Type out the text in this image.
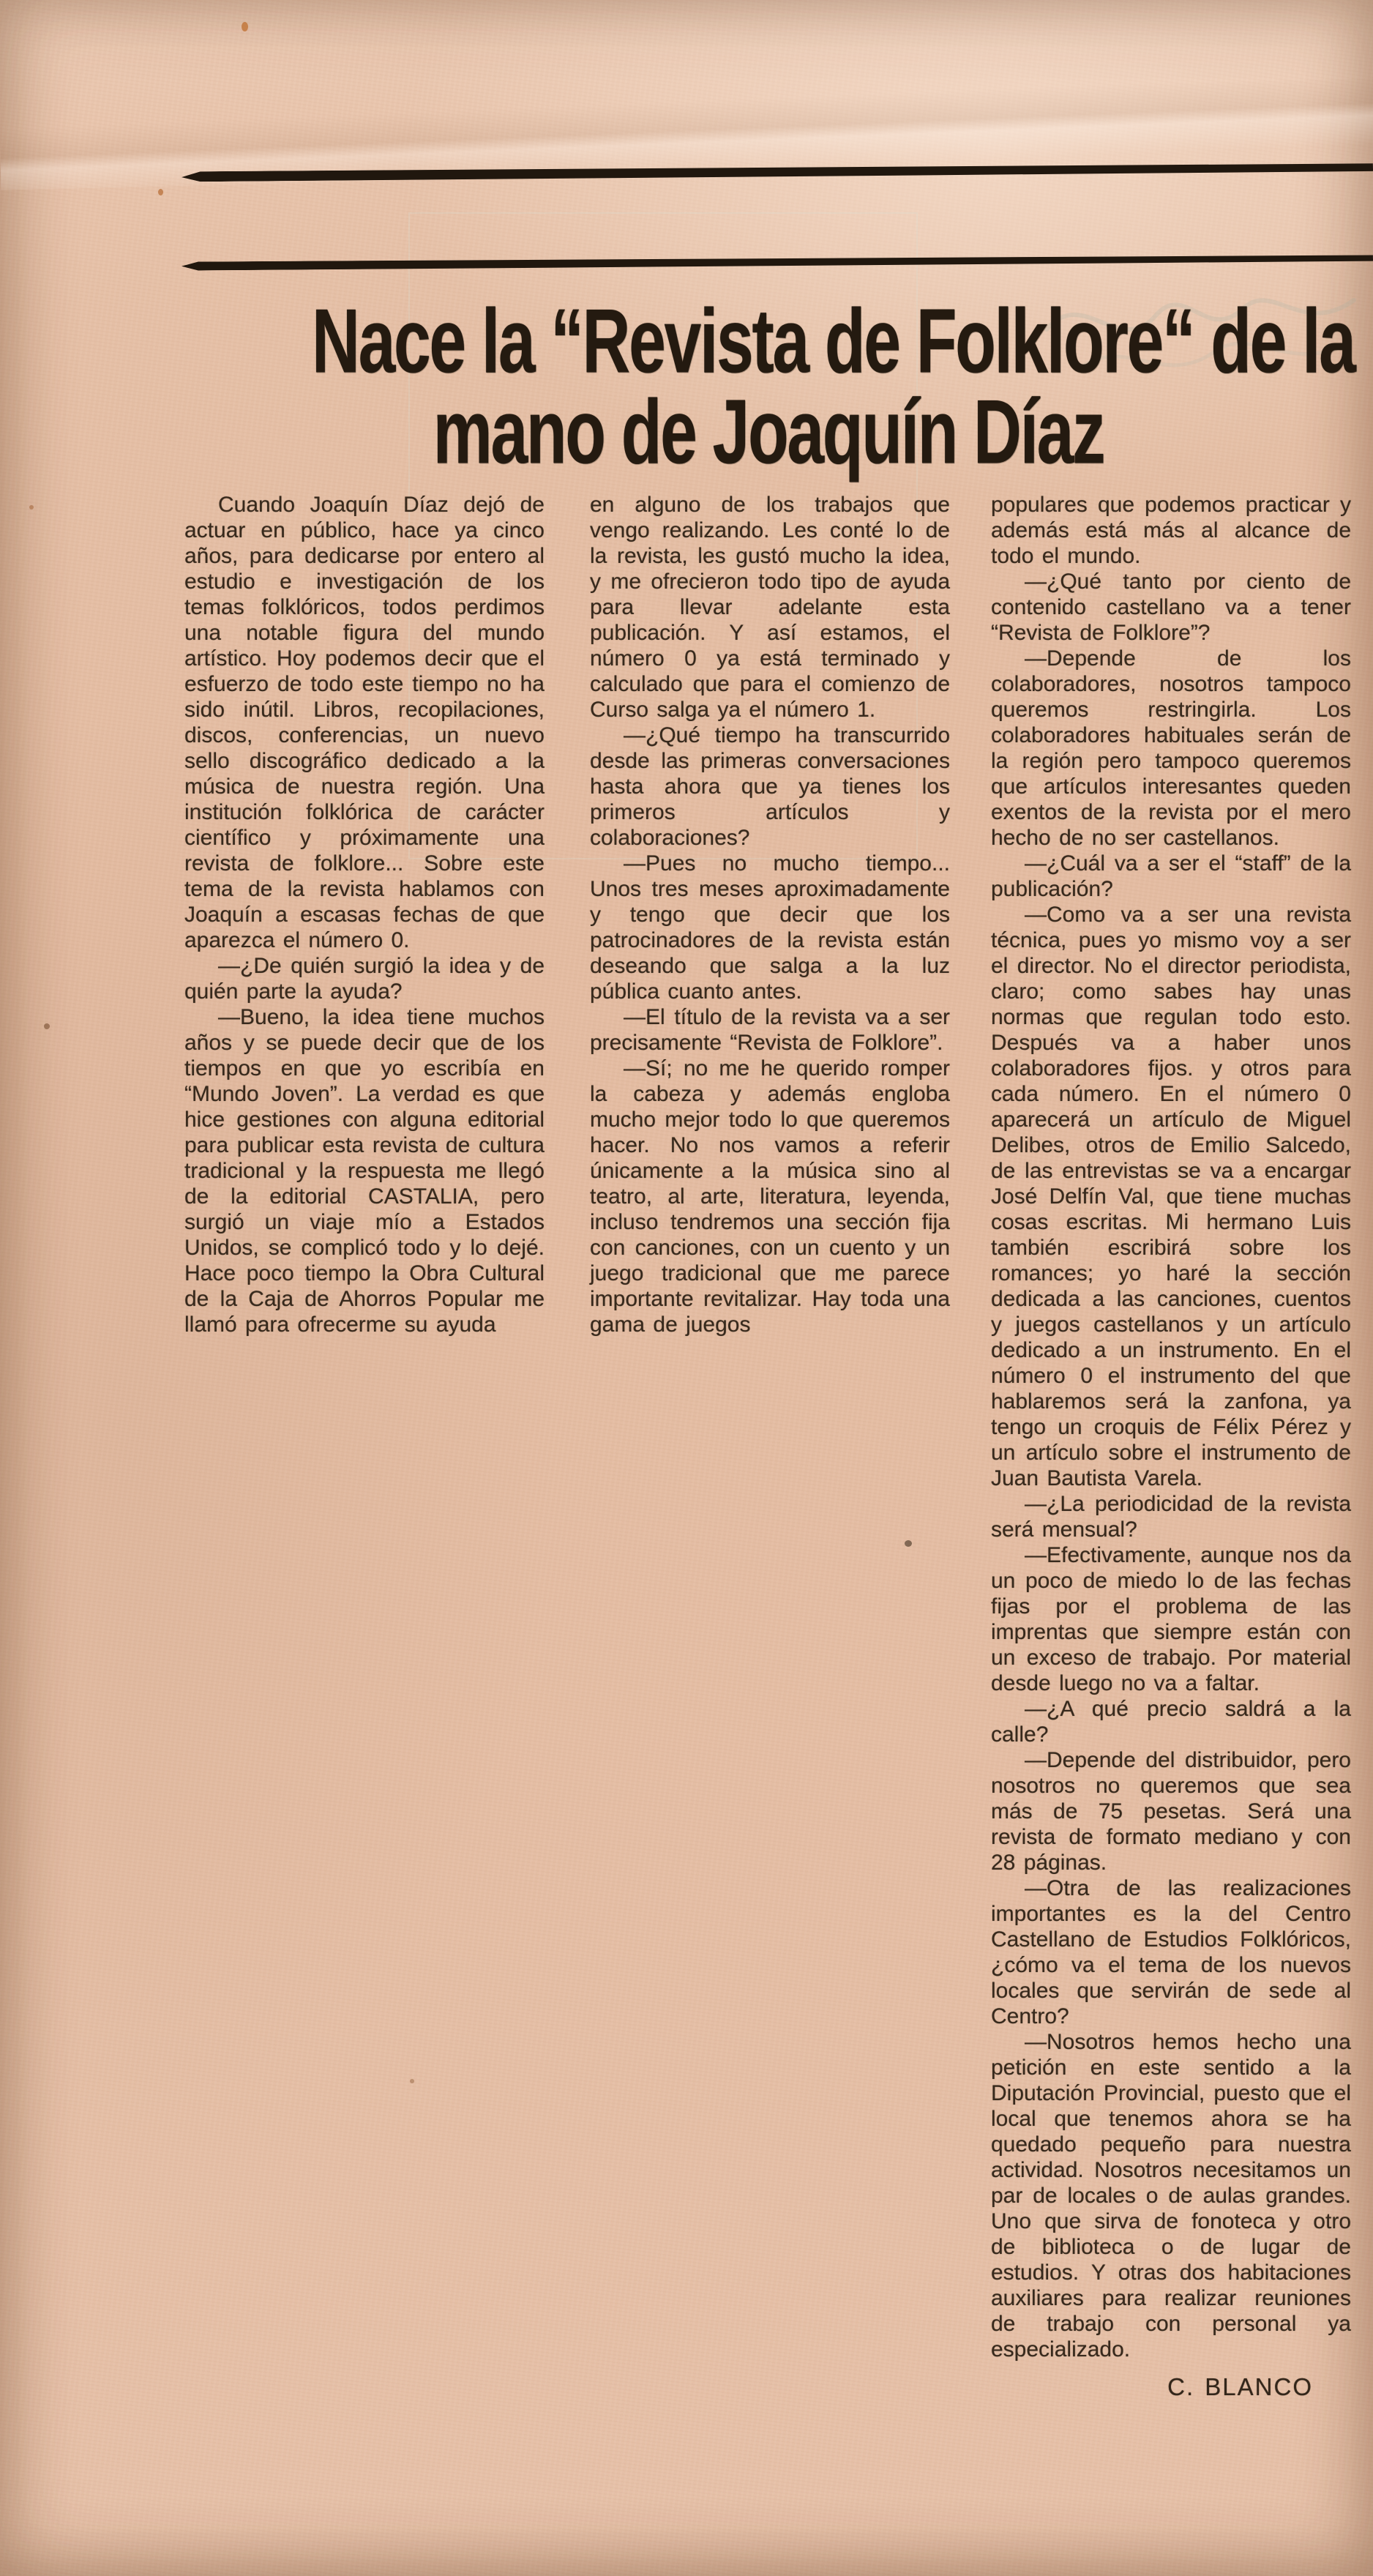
Nace la “Revista de Folklore“ de la
mano de Joaquín Díaz

Cuando Joaquín Díaz dejó de actuar en público, hace ya cinco años, para dedicarse por entero al estudio e investigación de los temas folklóricos, todos perdimos una notable figura del mundo artístico. Hoy podemos decir que el esfuerzo de todo este tiempo no ha sido inútil. Libros, recopilaciones, discos, conferencias, un nuevo sello discográfico dedicado a la música de nuestra región. Una institución folklórica de carácter científico y próximamente una revista de folklore... Sobre este tema de la revista hablamos con Joaquín a escasas fechas de que aparezca el número 0.

—¿De quién surgió la idea y de quién parte la ayuda?

—Bueno, la idea tiene muchos años y se puede decir que de los tiempos en que yo escribía en “Mundo Joven”. La verdad es que hice gestiones con alguna editorial para publicar esta revista de cultura tradicional y la respuesta me llegó de la editorial CASTALIA, pero surgió un viaje mío a Estados Unidos, se complicó todo y lo dejé. Hace poco tiempo la Obra Cultural de la Caja de Ahorros Popular me llamó para ofrecerme su ayuda

en alguno de los trabajos que vengo realizando. Les conté lo de la revista, les gustó mucho la idea, y me ofrecieron todo tipo de ayuda para llevar adelante esta publicación. Y así estamos, el número 0 ya está terminado y calculado que para el comienzo de Curso salga ya el número 1.

—¿Qué tiempo ha transcurrido desde las primeras conversaciones hasta ahora que ya tienes los primeros artículos y colaboraciones?

—Pues no mucho tiempo... Unos tres meses aproximadamente y tengo que decir que los patrocinadores de la revista están deseando que salga a la luz pública cuanto antes.

—El título de la revista va a ser precisamente “Revista de Folklore”.

—Sí; no me he querido romper la cabeza y además engloba mucho mejor todo lo que queremos hacer. No nos vamos a referir únicamente a la música sino al teatro, al arte, literatura, leyenda, incluso tendremos una sección fija con canciones, con un cuento y un juego tradicional que me parece importante revitalizar. Hay toda una gama de juegos

populares que podemos practicar y además está más al alcance de todo el mundo.

—¿Qué tanto por ciento de contenido castellano va a tener “Revista de Folklore”?

—Depende de los colaboradores, nosotros tampoco queremos restringirla. Los colaboradores habituales serán de la región pero tampoco queremos que artículos interesantes queden exentos de la revista por el mero hecho de no ser castellanos.

—¿Cuál va a ser el “staff” de la publicación?

—Como va a ser una revista técnica, pues yo mismo voy a ser el director. No el director periodista, claro; como sabes hay unas normas que regulan todo esto. Después va a haber unos colaboradores fijos. y otros para cada número. En el número 0 aparecerá un artículo de Miguel Delibes, otros de Emilio Salcedo, de las entrevistas se va a encargar José Delfín Val, que tiene muchas cosas escritas. Mi hermano Luis también escribirá sobre los romances; yo haré la sección dedicada a las canciones, cuentos y juegos castellanos y un artículo dedicado a un instrumento. En el número 0 el instrumento del que hablaremos será la zanfona, ya tengo un croquis de Félix Pérez y un artículo sobre el instrumento de Juan Bautista Varela.

—¿La periodicidad de la revista será mensual?

—Efectivamente, aunque nos da un poco de miedo lo de las fechas fijas por el problema de las imprentas que siempre están con un exceso de trabajo. Por material desde luego no va a faltar.

—¿A qué precio saldrá a la calle?

—Depende del distribuidor, pero nosotros no queremos que sea más de 75 pesetas. Será una revista de formato mediano y con 28 páginas.

—Otra de las realizaciones importantes es la del Centro Castellano de Estudios Folklóricos, ¿cómo va el tema de los nuevos locales que servirán de sede al Centro?

—Nosotros hemos hecho una petición en este sentido a la Diputación Provincial, puesto que el local que tenemos ahora se ha quedado pequeño para nuestra actividad. Nosotros necesitamos un par de locales o de aulas grandes. Uno que sirva de fonoteca y otro de biblioteca o de lugar de estudios. Y otras dos habitaciones auxiliares para realizar reuniones de trabajo con personal ya especializado.

C. BLANCO
